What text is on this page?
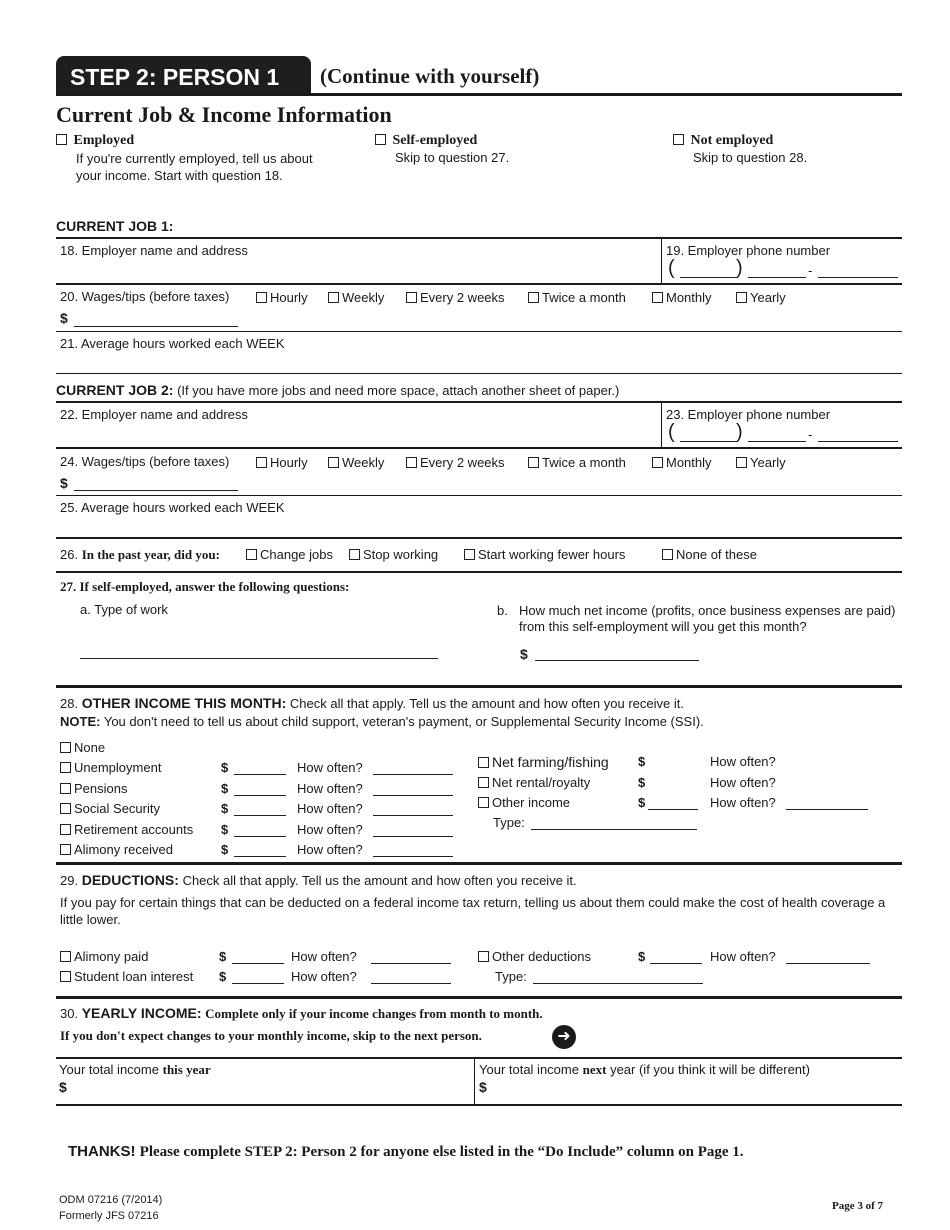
STEP 2: PERSON 1	(Continue with yourself)
Current Job & Income Information
Employed
If you're currently employed, tell us about your income. Start with question 18.
Self-employed
Skip to question 27.
Not employed
Skip to question 28.
CURRENT JOB 1:
18. Employer name and address	19. Employer phone number
(	)	-
20. Wages/tips (before taxes)	Hourly	Weekly	Every 2 weeks	Twice a month	Monthly	Yearly
$
21. Average hours worked each WEEK
CURRENT JOB 2: (If you have more jobs and need more space, attach another sheet of paper.)
22. Employer name and address	23. Employer phone number
(	)	-
24. Wages/tips (before taxes)	Hourly	Weekly	Every 2 weeks	Twice a month	Monthly	Yearly
$
25. Average hours worked each WEEK
26. In the past year, did you:	Change jobs	Stop working	Start working fewer hours	None of these
27. If self-employed, answer the following questions:
a. Type of work	b. How much net income (profits, once business expenses are paid) from this self-employment will you get this month?
$
28. OTHER INCOME THIS MONTH: Check all that apply. Tell us the amount and how often you receive it.
NOTE: You don't need to tell us about child support, veteran's payment, or Supplemental Security Income (SSI).
None
Unemployment	$	How often?
Pensions	$	How often?
Social Security	$	How often?
Retirement accounts $	How often?
Alimony received	$	How often?
Net farming/fishing $	How often?
Net rental/royalty	$	How often?
Other income	$	How often?
Type:
29. DEDUCTIONS: Check all that apply. Tell us the amount and how often you receive it.
If you pay for certain things that can be deducted on a federal income tax return, telling us about them could make the cost of health coverage a little lower.
Alimony paid	$	How often?
Student loan interest $	How often?
Other deductions	$	How often?
Type:
30. YEARLY INCOME: Complete only if your income changes from month to month.
If you don't expect changes to your monthly income, skip to the next person.	➜
Your total income this year
$
Your total income next year (if you think it will be different)
$
THANKS! Please complete STEP 2: Person 2 for anyone else listed in the “Do Include” column on Page 1.
ODM 07216 (7/2014)
Formerly JFS 07216
Page 3 of 7
